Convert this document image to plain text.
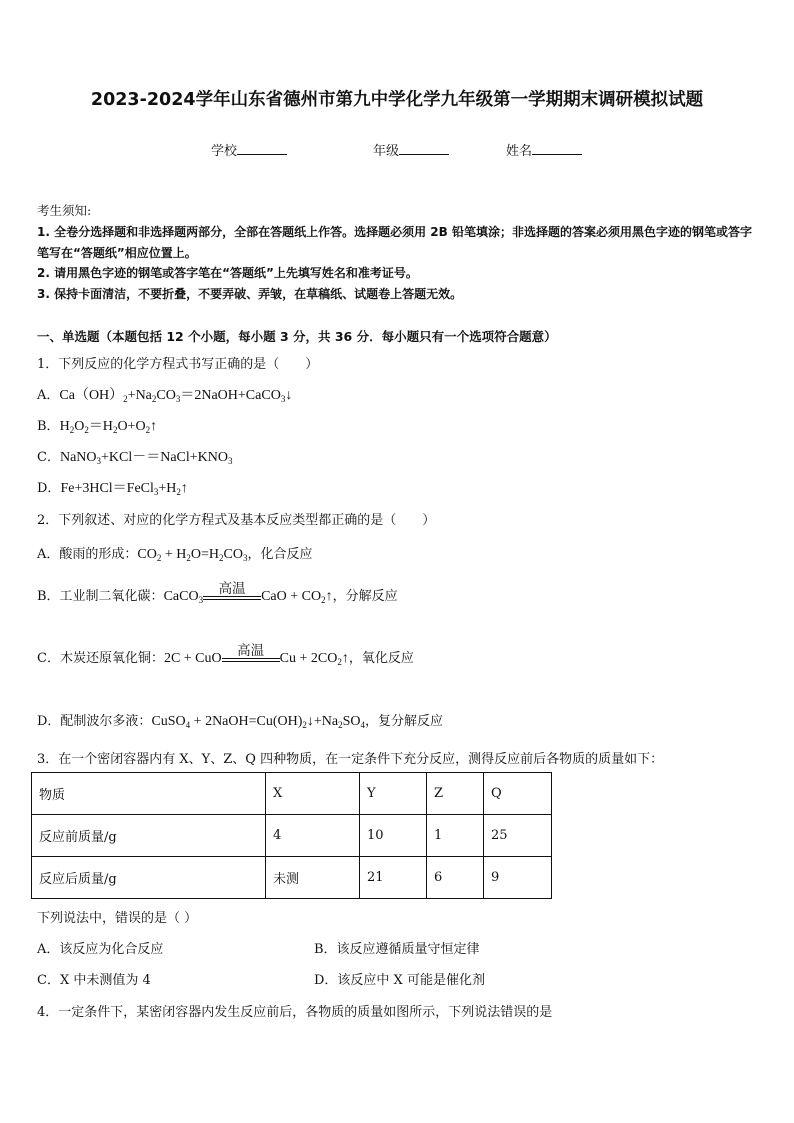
2023-2024学年山东省德州市第九中学化学九年级第一学期期末调研模拟试题
学校	年级	姓名
考生须知:
1. 全卷分选择题和非选择题两部分，全部在答题纸上作答。选择题必须用 2B 铅笔填涂；非选择题的答案必须用黑色字迹的钢笔或答字笔写在“答题纸”相应位置上。
2. 请用黑色字迹的钢笔或答字笔在“答题纸”上先填写姓名和准考证号。
3. 保持卡面清洁，不要折叠，不要弄破、弄皱，在草稿纸、试题卷上答题无效。
一、单选题（本题包括 12 个小题，每小题 3 分，共 36 分．每小题只有一个选项符合题意）
1．下列反应的化学方程式书写正确的是（　　）
A．$Ca(OH)_2+Na_2CO_3=2NaOH+CaCO_3↓$
B．$H_2O_2=H_2O+O_2↑$
C．$NaNO_3+KCl-=NaCl+KNO_3$
D．$Fe+3HCl=FeCl_3+H_2↑$
2．下列叙述、对应的化学方程式及基本反应类型都正确的是（　　）
A．酸雨的形成：$CO_2 + H_2O=H_2CO_3$，化合反应
B．工业制二氧化碳：CaCO$_3$
高温	CaO + $CO_2↑$，分解反应
C．木炭还原氧化铜：2C + CuO	高温	$Cu + 2CO_2↑$，氧化反应
D．配制波尔多液：CuSO$_4$ + $2NaOH=Cu(OH)_2↓+Na_2SO_4$，复分解反应
3．在一个密闭容器内有 X、Y、Z、Q 四种物质，在一定条件下充分反应，测得反应前后各物质的质量如下：
物质	X	Y	Z	Q
反应前质量/g	4	10	1	25
反应后质量/g	未测	21	6	9
下列说法中，错误的是（ ）
A．该反应为化合反应	B．该反应遵循质量守恒定律
C．X 中未测值为 4	D．该反应中 X 可能是催化剂
4．一定条件下，某密闭容器内发生反应前后，各物质的质量如图所示，下列说法错误的是
